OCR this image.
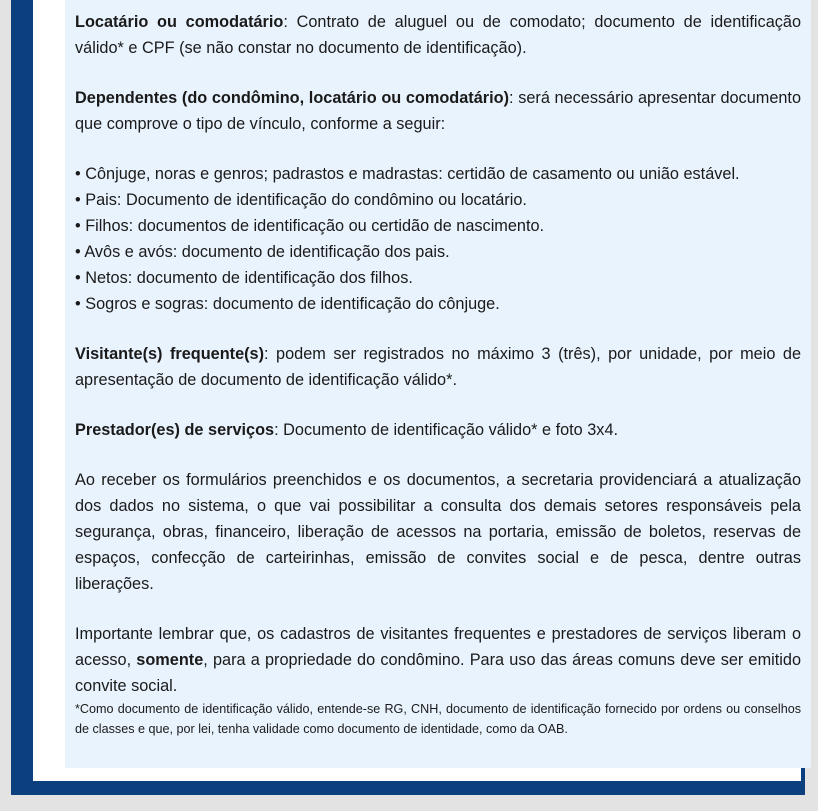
Locatário ou comodatário: Contrato de aluguel ou de comodato; documento de identificação válido* e CPF (se não constar no documento de identificação).

Dependentes (do condômino, locatário ou comodatário): será necessário apresentar documento que comprove o tipo de vínculo, conforme a seguir:

• Cônjuge, noras e genros; padrastos e madrastas: certidão de casamento ou união estável.
• Pais: Documento de identificação do condômino ou locatário.
• Filhos: documentos de identificação ou certidão de nascimento.
• Avôs e avós: documento de identificação dos pais.
• Netos: documento de identificação dos filhos.
• Sogros e sogras: documento de identificação do cônjuge.

Visitante(s) frequente(s): podem ser registrados no máximo 3 (três), por unidade, por meio de apresentação de documento de identificação válido*.

Prestador(es) de serviços: Documento de identificação válido* e foto 3x4.

Ao receber os formulários preenchidos e os documentos, a secretaria providenciará a atualização dos dados no sistema, o que vai possibilitar a consulta dos demais setores responsáveis pela segurança, obras, financeiro, liberação de acessos na portaria, emissão de boletos, reservas de espaços, confecção de carteirinhas, emissão de convites social e de pesca, dentre outras liberações.

Importante lembrar que, os cadastros de visitantes frequentes e prestadores de serviços liberam o acesso, somente, para a propriedade do condômino. Para uso das áreas comuns deve ser emitido convite social.

*Como documento de identificação válido, entende-se RG, CNH, documento de identificação fornecido por ordens ou conselhos de classes e que, por lei, tenha validade como documento de identidade, como da OAB.
